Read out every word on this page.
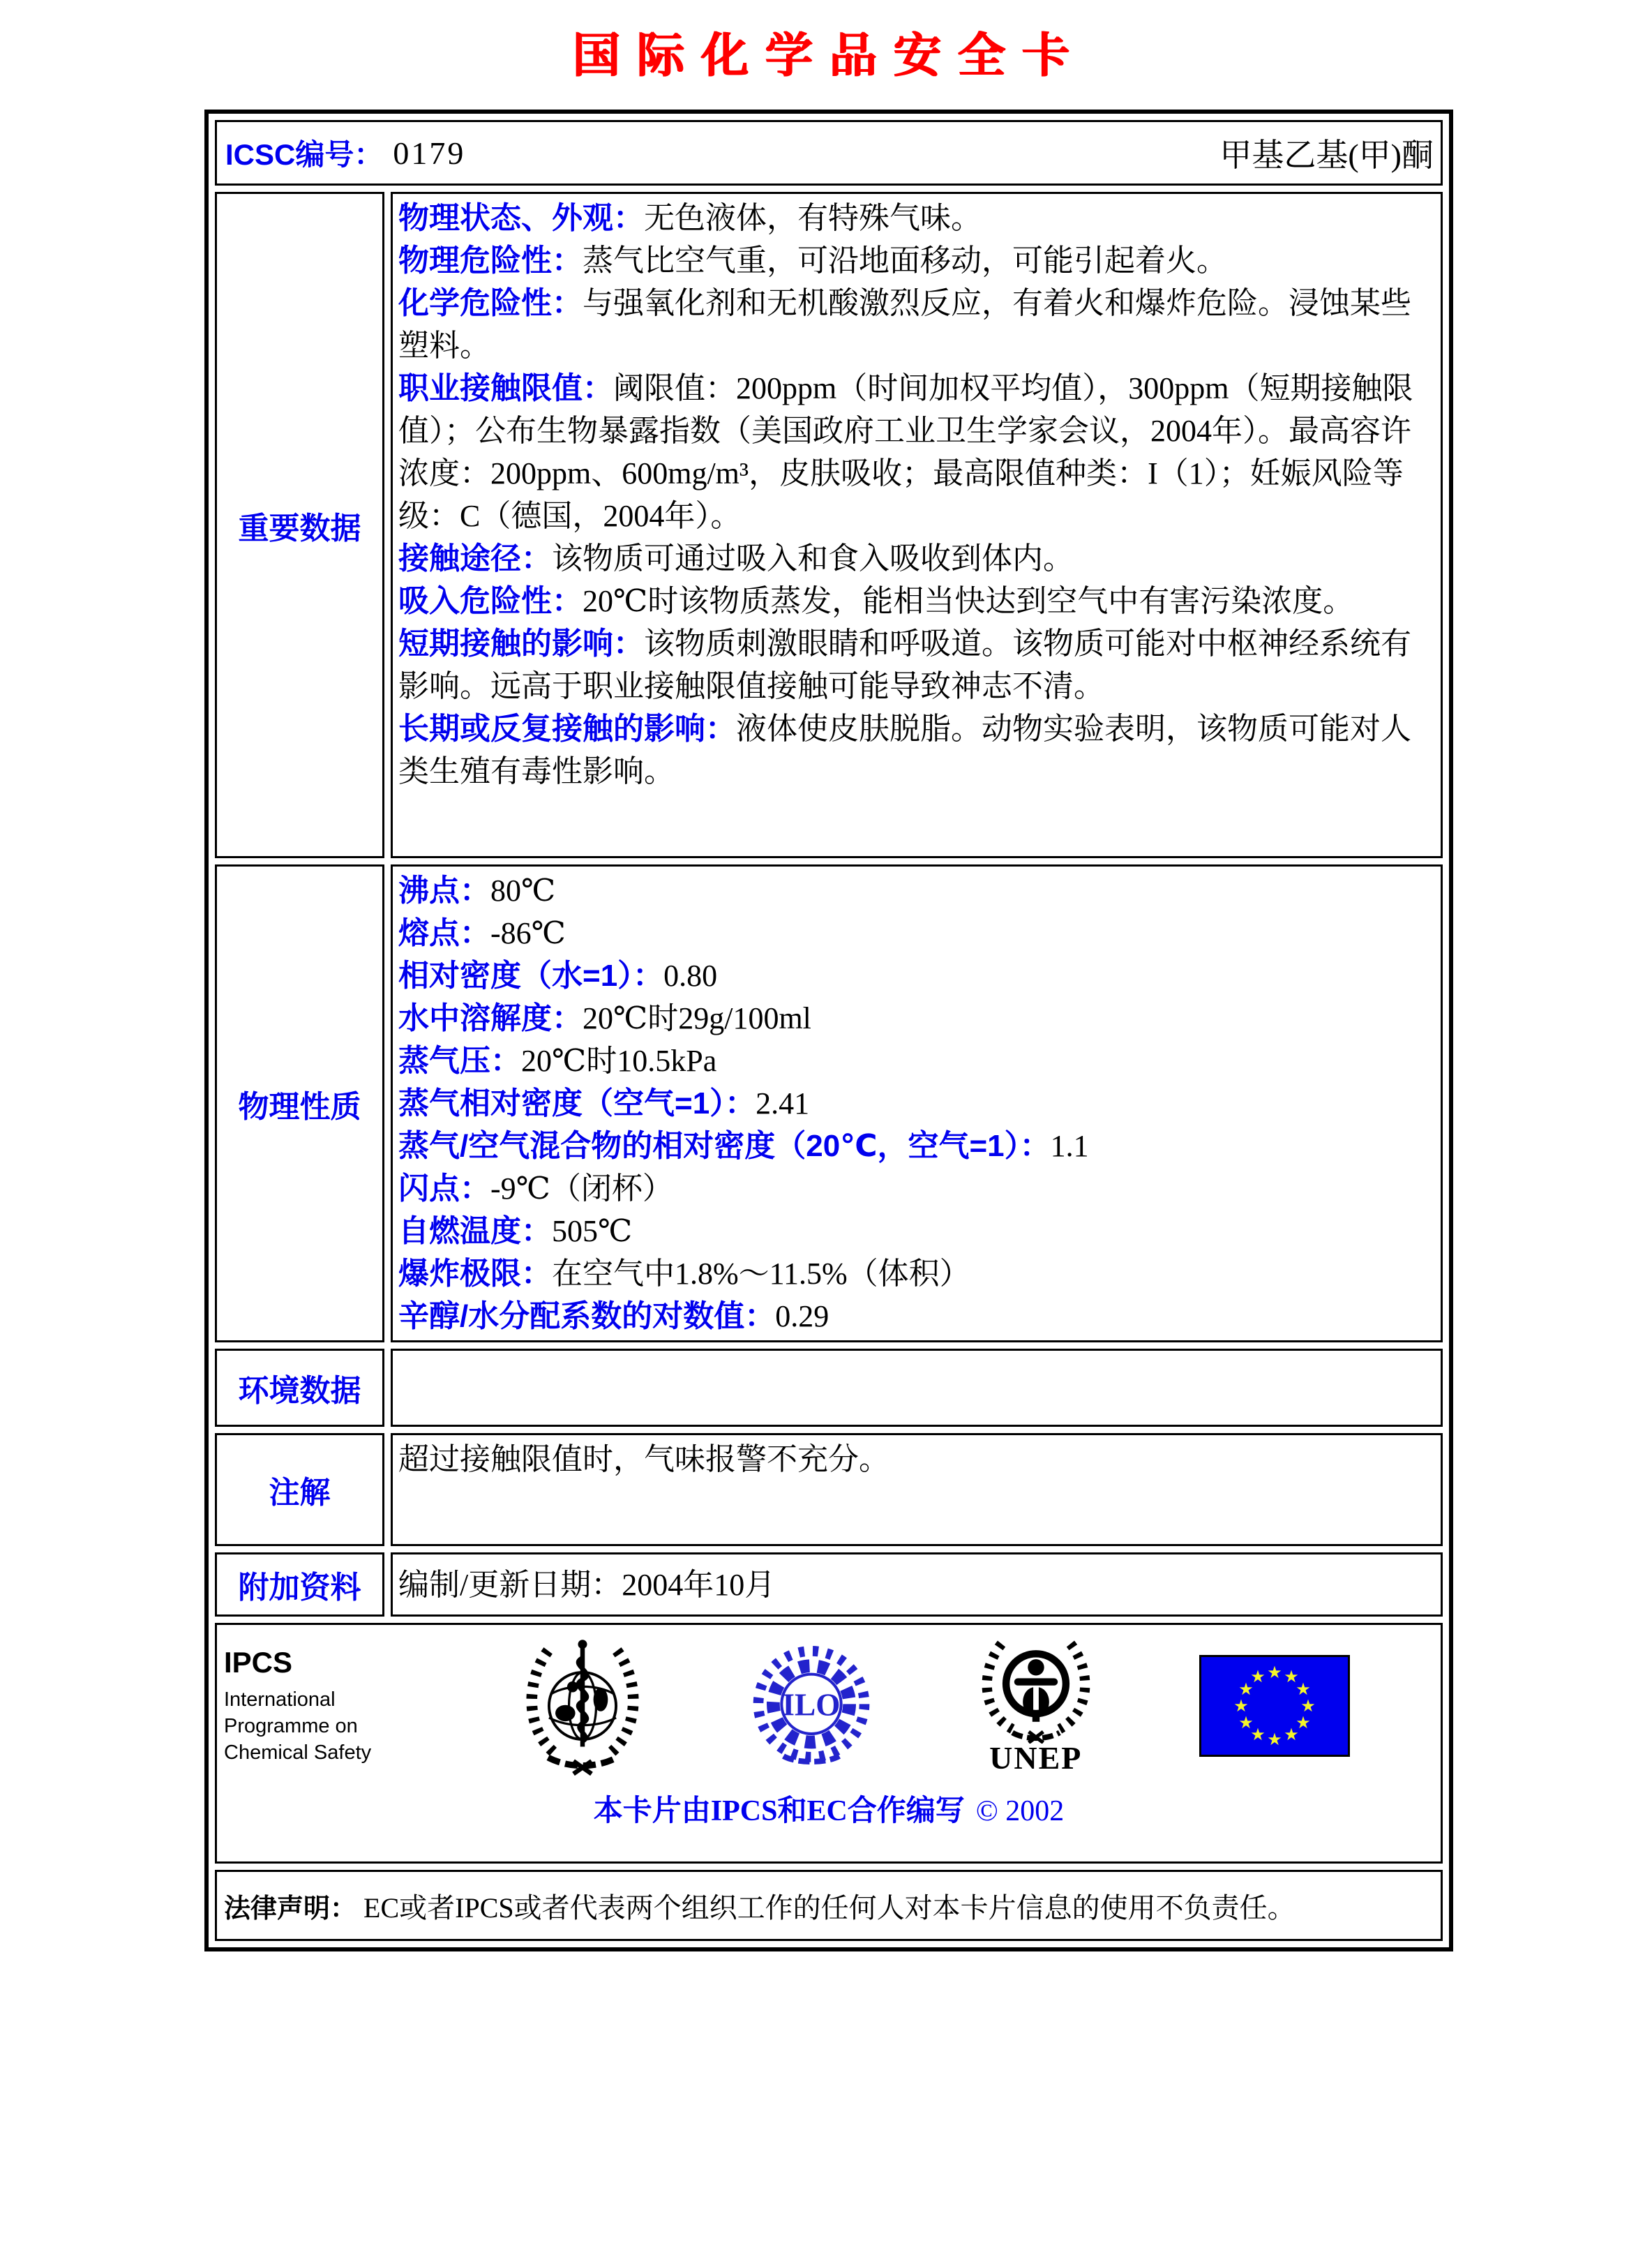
国际化学品安全卡
ICSC编号： 0179	甲基乙基(甲)酮
重要数据

物理状态、外观：无色液体，有特殊气味。

物理危险性：蒸气比空气重，可沿地面移动，可能引起着火。

化学危险性：与强氧化剂和无机酸激烈反应，有着火和爆炸危险。浸蚀某些塑料。

职业接触限值：阈限值：200ppm（时间加权平均值），300ppm（短期接触限值）；公布生物暴露指数（美国政府工业卫生学家会议，2004年）。最高容许浓度：200ppm、600mg/m³，皮肤吸收；最高限值种类：I（1）；妊娠风险等级：C（德国，2004年）。

接触途径：该物质可通过吸入和食入吸收到体内。

吸入危险性：20℃时该物质蒸发，能相当快达到空气中有害污染浓度。

短期接触的影响：该物质刺激眼睛和呼吸道。该物质可能对中枢神经系统有影响。远高于职业接触限值接触可能导致神志不清。

长期或反复接触的影响：液体使皮肤脱脂。动物实验表明，该物质可能对人类生殖有毒性影响。

物理性质

沸点：80℃

熔点：-86℃

相对密度（水=1）：0.80

水中溶解度：20℃时29g/100ml

蒸气压：20℃时10.5kPa

蒸气相对密度（空气=1）：2.41

蒸气/空气混合物的相对密度（20℃，空气=1）：1.1

闪点：-9℃（闭杯）

自燃温度：505℃

爆炸极限：在空气中1.8%～11.5%（体积）

辛醇/水分配系数的对数值：0.29

环境数据
注解
超过接触限值时，气味报警不充分。
附加资料	编制/更新日期：2004年10月
IPCS
International
Programme on
Chemical Safety
ILO
UNEP
★ ★
★
★
★
★
★
★
★
★
★
★
本卡片由IPCS和EC合作编写 © 2002
法律声明： EC或者IPCS或者代表两个组织工作的任何人对本卡片信息的使用不负责任。
